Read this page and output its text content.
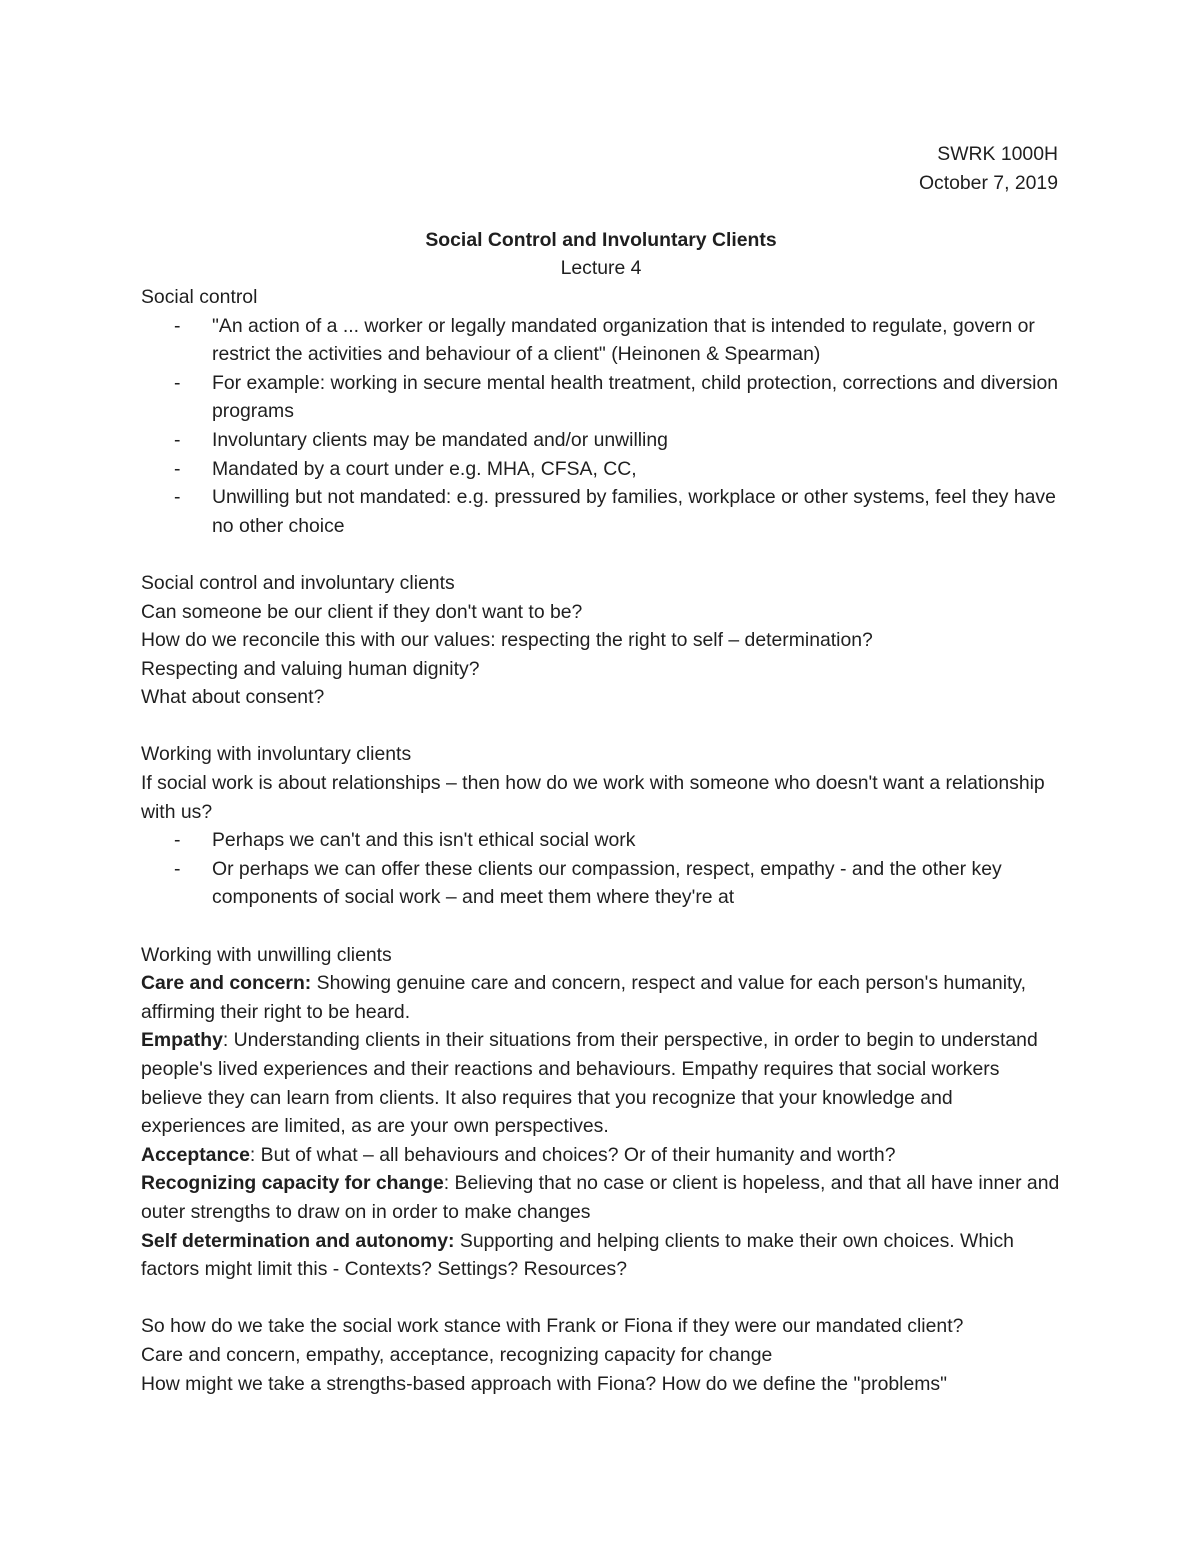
SWRK 1000H
October 7, 2019
Social Control and Involuntary Clients
Lecture 4
Social control
- "An action of a ... worker or legally mandated organization that is intended to regulate, govern or restrict the activities and behaviour of a client" (Heinonen & Spearman)
- For example: working in secure mental health treatment, child protection, corrections and diversion programs
- Involuntary clients may be mandated and/or unwilling
- Mandated by a court under e.g. MHA, CFSA, CC,
- Unwilling but not mandated: e.g. pressured by families, workplace or other systems, feel they have no other choice
Social control and involuntary clients
Can someone be our client if they don't want to be?
How do we reconcile this with our values: respecting the right to self – determination?
Respecting and valuing human dignity?
What about consent?
Working with involuntary clients
If social work is about relationships – then how do we work with someone who doesn't want a relationship with us?
- Perhaps we can't and this isn't ethical social work
- Or perhaps we can offer these clients our compassion, respect, empathy - and the other key components of social work – and meet them where they're at
Working with unwilling clients
Care and concern: Showing genuine care and concern, respect and value for each person's humanity, affirming their right to be heard.
Empathy: Understanding clients in their situations from their perspective, in order to begin to understand people's lived experiences and their reactions and behaviours. Empathy requires that social workers believe they can learn from clients. It also requires that you recognize that your knowledge and experiences are limited, as are your own perspectives.
Acceptance: But of what – all behaviours and choices? Or of their humanity and worth?
Recognizing capacity for change: Believing that no case or client is hopeless, and that all have inner and outer strengths to draw on in order to make changes
Self determination and autonomy: Supporting and helping clients to make their own choices. Which factors might limit this - Contexts? Settings? Resources?
So how do we take the social work stance with Frank or Fiona if they were our mandated client?
Care and concern, empathy, acceptance, recognizing capacity for change
How might we take a strengths-based approach with Fiona? How do we define the "problems"
